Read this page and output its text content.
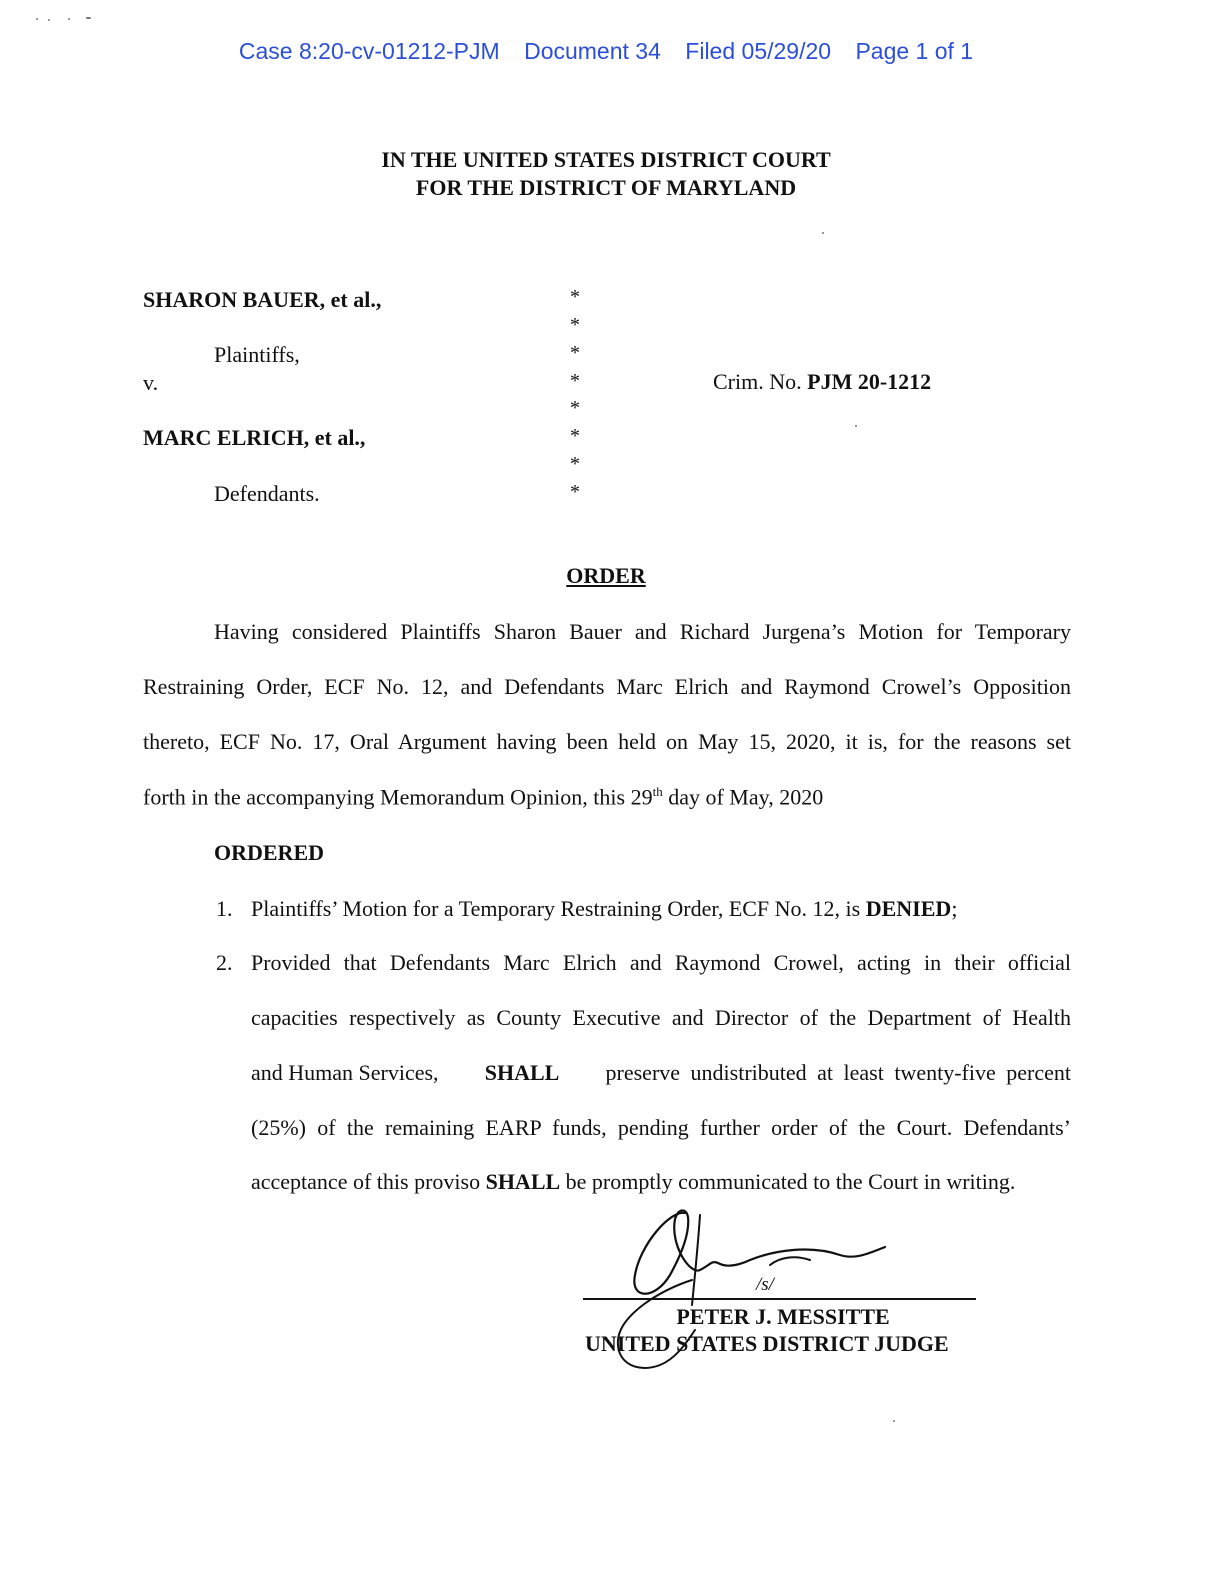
Case 8:20-cv-01212-PJM Document 34 Filed 05/29/20 Page 1 of 1
IN THE UNITED STATES DISTRICT COURT
FOR THE DISTRICT OF MARYLAND
SHARON BAUER, et al.,
Plaintiffs,
v.
MARC ELRICH, et al.,
Defendants.
*
*
*
*
*
*
*
*
Crim. No. PJM 20-1212
ORDER
Having considered Plaintiffs Sharon Bauer and Richard Jurgena’s Motion for Temporary
Restraining Order, ECF No. 12, and Defendants Marc Elrich and Raymond Crowel’s Opposition
thereto, ECF No. 17, Oral Argument having been held on May 15, 2020, it is, for the reasons set
forth in the accompanying Memorandum Opinion, this 29th day of May, 2020
ORDERED
1. Plaintiffs’ Motion for a Temporary Restraining Order, ECF No. 12, is DENIED;
2. Provided that Defendants Marc Elrich and Raymond Crowel, acting in their official
capacities respectively as County Executive and Director of the Department of Health
and Human Services, SHALL preserve undistributed at least twenty-five percent
(25%) of the remaining EARP funds, pending further order of the Court. Defendants’
acceptance of this proviso SHALL be promptly communicated to the Court in writing.
/s/
PETER J. MESSITTE
UNITED STATES DISTRICT JUDGE
